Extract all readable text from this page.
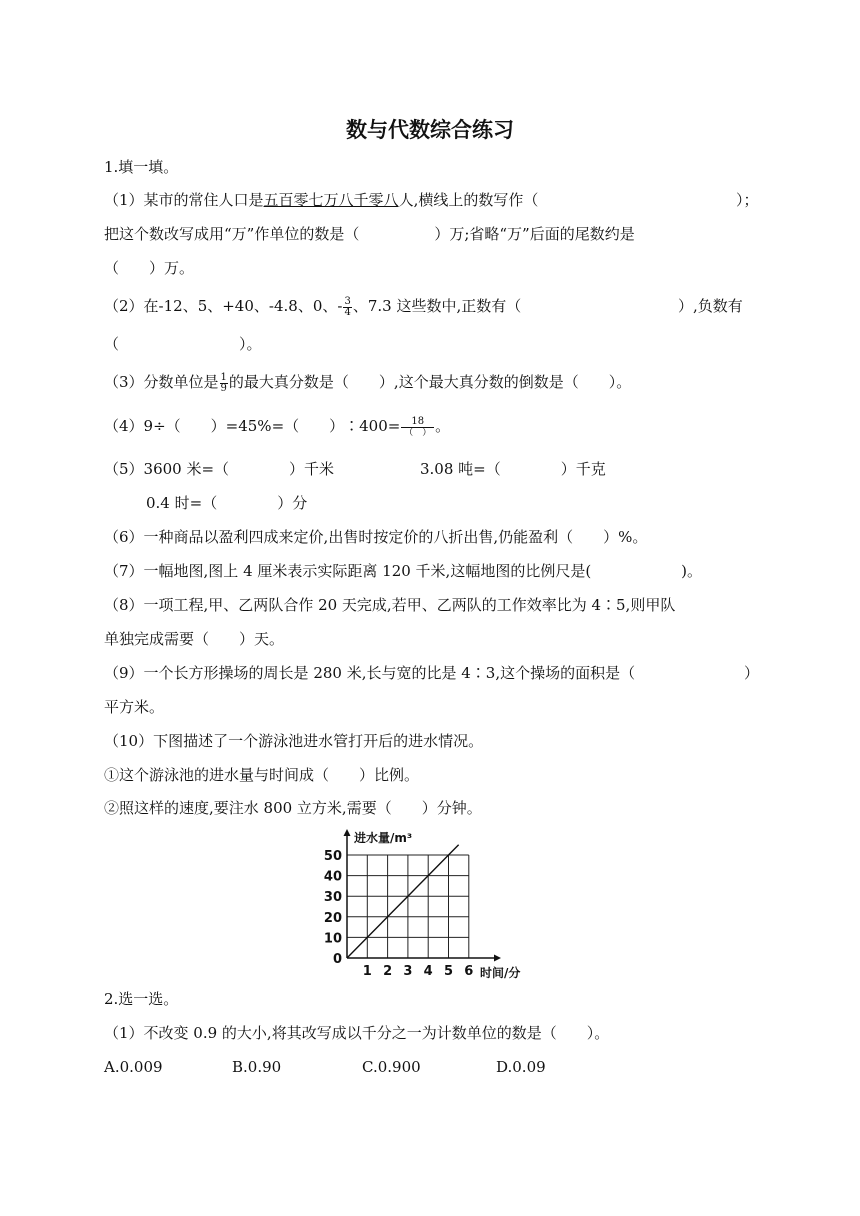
数与代数综合练习
1.填一填。
（1）某市的常住人口是五百零七万八千零八人,横线上的数写作（	）；
把这个数改写成用“万”作单位的数是（　　　　　）万;省略“万”后面的尾数约是
（　　）万。
（2）在-12、5、+40、-4.8、0、- $\frac{3}{4}$ 、7.3 这些数中,正数有（	）,负数有
（　　　　　　　　）。
（3）分数单位是 $\frac{1}{9}$ 的最大真分数是（　　）,这个最大真分数的倒数是（　　）。
（4）9÷（　　）=45%=（　　）∶400= $\frac{18}{( )}$ 。
（5）3600 米=（　　　　）千米	3.08 吨=（　　　　）千克
0.4 时=（　　　　）分
（6）一种商品以盈利四成来定价,出售时按定价的八折出售,仍能盈利（　　）%。
（7）一幅地图,图上 4 厘米表示实际距离 120 千米,这幅地图的比例尺是(　　　　　　)。
（8）一项工程,甲、乙两队合作 20 天完成,若甲、乙两队的工作效率比为 4∶5,则甲队
单独完成需要（　　）天。
（9）一个长方形操场的周长是 280 米,长与宽的比是 4∶3,这个操场的面积是（	）
平方米。
（10）下图描述了一个游泳池进水管打开后的进水情况。
①这个游泳池的进水量与时间成（　　）比例。
②照这样的速度,要注水 800 立方米,需要（　　）分钟。
10
20
30
40
50
0
1 2 3 4 5 6
进水量/m³
时间/分
2.选一选。
（1）不改变 0.9 的大小,将其改写成以千分之一为计数单位的数是（　　）。
A.0.009	B.0.90	C.0.900	D.0.09
